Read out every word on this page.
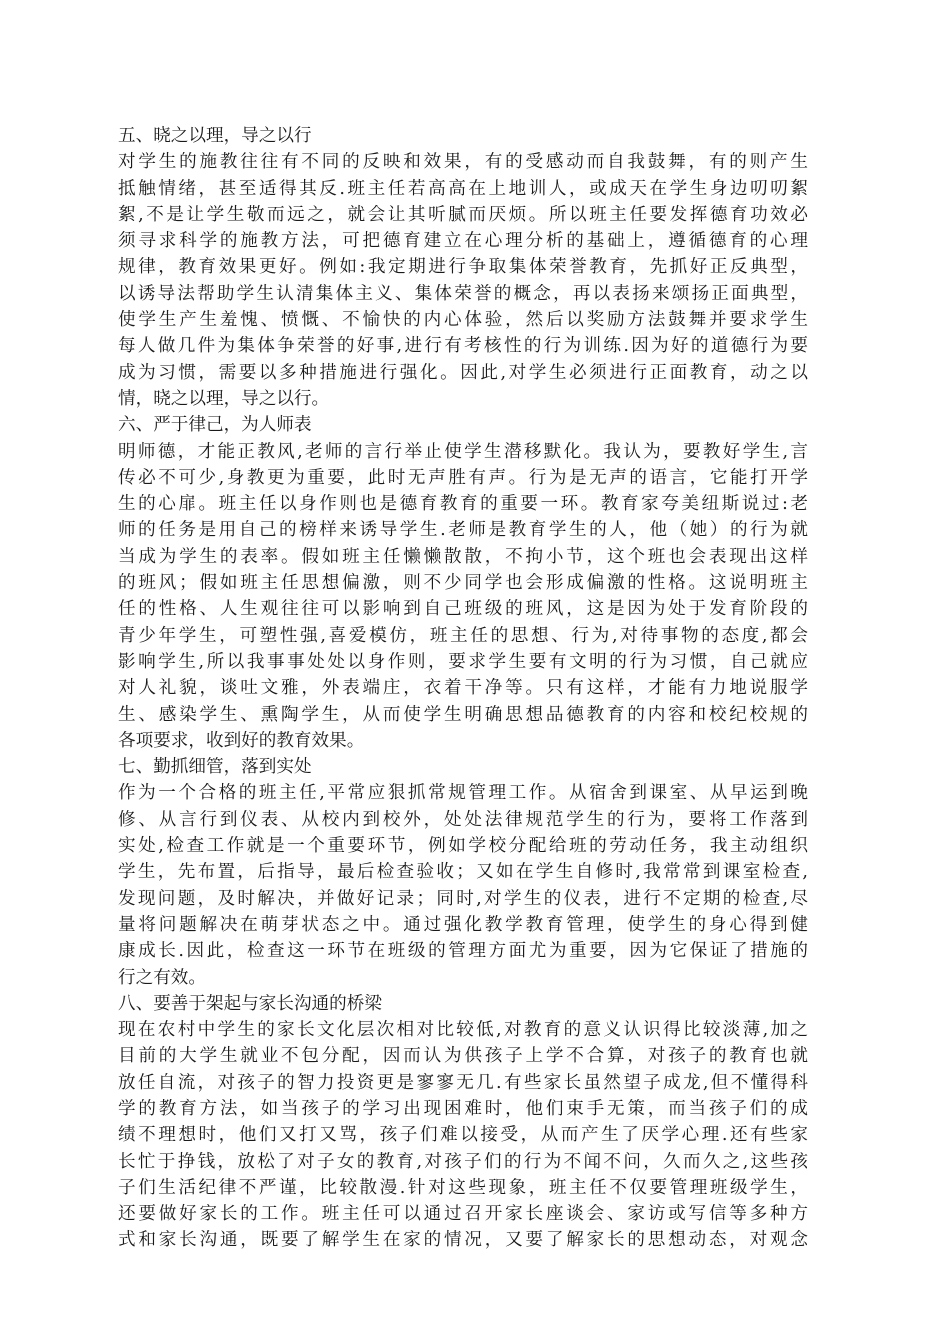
五、晓之以理，导之以行
对学生的施教往往有不同的反映和效果，有的受感动而自我鼓舞，有的则产生
抵触情绪，甚至适得其反.班主任若高高在上地训人，或成天在学生身边叨叨絮
絮,不是让学生敬而远之，就会让其听腻而厌烦。所以班主任要发挥德育功效必
须寻求科学的施教方法，可把德育建立在心理分析的基础上，遵循德育的心理
规律，教育效果更好。例如:我定期进行争取集体荣誉教育，先抓好正反典型，
以诱导法帮助学生认清集体主义、集体荣誉的概念，再以表扬来颂扬正面典型，
使学生产生羞愧、愤慨、不愉快的内心体验，然后以奖励方法鼓舞并要求学生
每人做几件为集体争荣誉的好事,进行有考核性的行为训练.因为好的道德行为要
成为习惯，需要以多种措施进行强化。因此,对学生必须进行正面教育，动之以
情，晓之以理，导之以行。
六、严于律己，为人师表
明师德，才能正教风,老师的言行举止使学生潜移默化。我认为，要教好学生,言
传必不可少,身教更为重要，此时无声胜有声。行为是无声的语言，它能打开学
生的心扉。班主任以身作则也是德育教育的重要一环。教育家夸美纽斯说过:老
师的任务是用自己的榜样来诱导学生.老师是教育学生的人，他（她）的行为就
当成为学生的表率。假如班主任懒懒散散，不拘小节，这个班也会表现出这样
的班风；假如班主任思想偏激，则不少同学也会形成偏激的性格。这说明班主
任的性格、人生观往往可以影响到自己班级的班风，这是因为处于发育阶段的
青少年学生，可塑性强,喜爱模仿，班主任的思想、行为,对待事物的态度,都会
影响学生,所以我事事处处以身作则，要求学生要有文明的行为习惯，自己就应
对人礼貌，谈吐文雅，外表端庄，衣着干净等。只有这样，才能有力地说服学
生、感染学生、熏陶学生，从而使学生明确思想品德教育的内容和校纪校规的
各项要求，收到好的教育效果。
七、勤抓细管，落到实处
作为一个合格的班主任,平常应狠抓常规管理工作。从宿舍到课室、从早运到晚
修、从言行到仪表、从校内到校外，处处法律规范学生的行为，要将工作落到
实处,检查工作就是一个重要环节，例如学校分配给班的劳动任务，我主动组织
学生，先布置，后指导，最后检查验收；又如在学生自修时,我常常到课室检查,
发现问题，及时解决，并做好记录；同时,对学生的仪表，进行不定期的检查,尽
量将问题解决在萌芽状态之中。通过强化教学教育管理，使学生的身心得到健
康成长.因此，检查这一环节在班级的管理方面尤为重要，因为它保证了措施的
行之有效。
八、要善于架起与家长沟通的桥梁
现在农村中学生的家长文化层次相对比较低,对教育的意义认识得比较淡薄,加之
目前的大学生就业不包分配，因而认为供孩子上学不合算，对孩子的教育也就
放任自流，对孩子的智力投资更是寥寥无几.有些家长虽然望子成龙,但不懂得科
学的教育方法，如当孩子的学习出现困难时，他们束手无策，而当孩子们的成
绩不理想时，他们又打又骂，孩子们难以接受，从而产生了厌学心理.还有些家
长忙于挣钱，放松了对子女的教育,对孩子们的行为不闻不问，久而久之,这些孩
子们生活纪律不严谨，比较散漫.针对这些现象，班主任不仅要管理班级学生，
还要做好家长的工作。班主任可以通过召开家长座谈会、家访或写信等多种方
式和家长沟通，既要了解学生在家的情况，又要了解家长的思想动态，对观念
